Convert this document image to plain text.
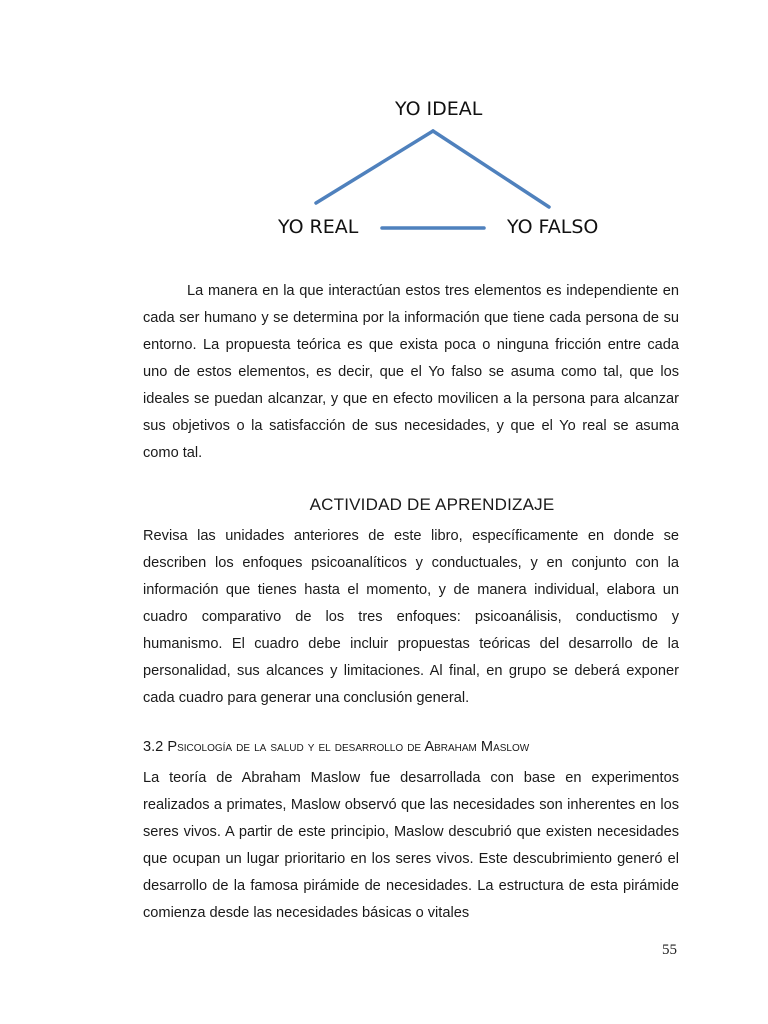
YO IDEAL
YO REAL	YO FALSO

La manera en la que interactúan estos tres elementos es independiente en cada ser humano y se determina por la información que tiene cada persona de su entorno. La propuesta teórica es que exista poca o ninguna fricción entre cada uno de estos elementos, es decir, que el Yo falso se asuma como tal, que los ideales se puedan alcanzar, y que en efecto movilicen a la persona para alcanzar sus objetivos o la satisfacción de sus necesidades, y que el Yo real se asuma como tal.

ACTIVIDAD DE APRENDIZAJE

Revisa las unidades anteriores de este libro, específicamente en donde se describen los enfoques psicoanalíticos y conductuales, y en conjunto con la información que tienes hasta el momento, y de manera individual, elabora un cuadro comparativo de los tres enfoques: psicoanálisis, conductismo y humanismo. El cuadro debe incluir propuestas teóricas del desarrollo de la personalidad, sus alcances y limitaciones. Al final, en grupo se deberá exponer cada cuadro para generar una conclusión general.

3.2 Psicología de la salud y el desarrollo de Abraham Maslow

La teoría de Abraham Maslow fue desarrollada con base en experimentos realizados a primates, Maslow observó que las necesidades son inherentes en los seres vivos. A partir de este principio, Maslow descubrió que existen necesidades que ocupan un lugar prioritario en los seres vivos. Este descubrimiento generó el desarrollo de la famosa pirámide de necesidades. La estructura de esta pirámide comienza desde las necesidades básicas o vitales

55
